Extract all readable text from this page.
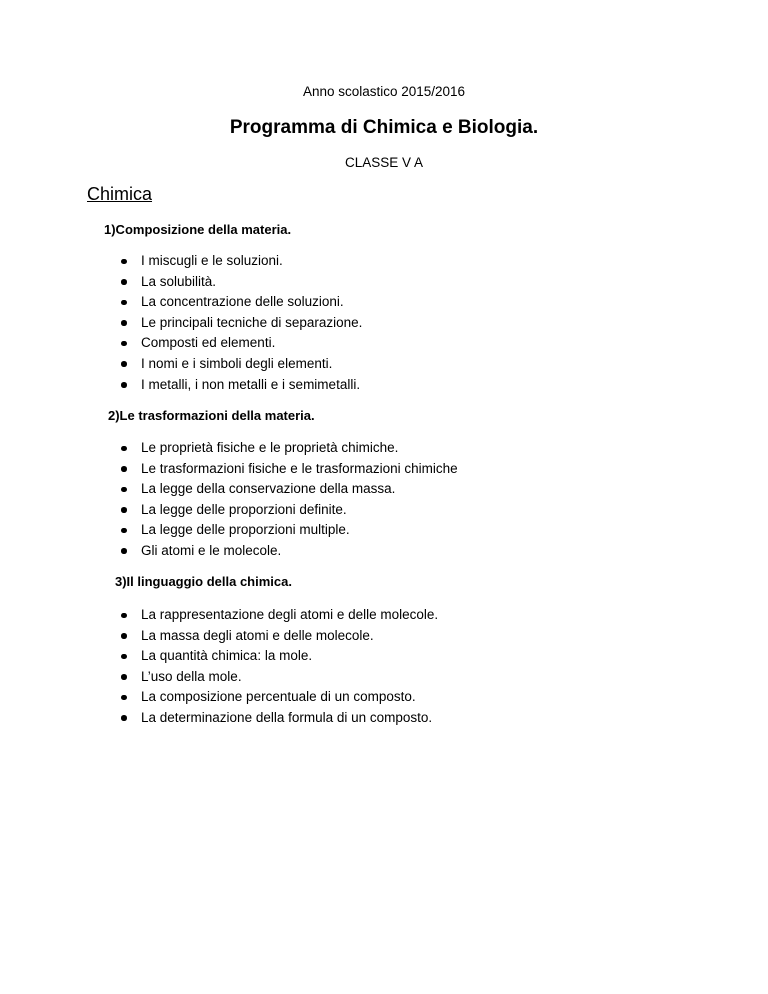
Anno scolastico 2015/2016
Programma di Chimica e Biologia.
CLASSE V A
Chimica
1)Composizione della materia.
I miscugli e le soluzioni.
La solubilità.
La concentrazione delle soluzioni.
Le principali tecniche di separazione.
Composti ed elementi.
I nomi e i simboli degli elementi.
I metalli, i non metalli e i semimetalli.
2)Le trasformazioni della materia.
Le proprietà fisiche e le proprietà chimiche.
Le trasformazioni fisiche e le trasformazioni chimiche
La legge della conservazione della massa.
La legge delle proporzioni definite.
La legge delle proporzioni multiple.
Gli atomi e le molecole.
3)Il linguaggio della chimica.
La rappresentazione degli atomi e delle molecole.
La massa degli atomi e delle molecole.
La quantità chimica: la mole.
L’uso della mole.
La composizione percentuale di un composto.
La determinazione della formula di un composto.
